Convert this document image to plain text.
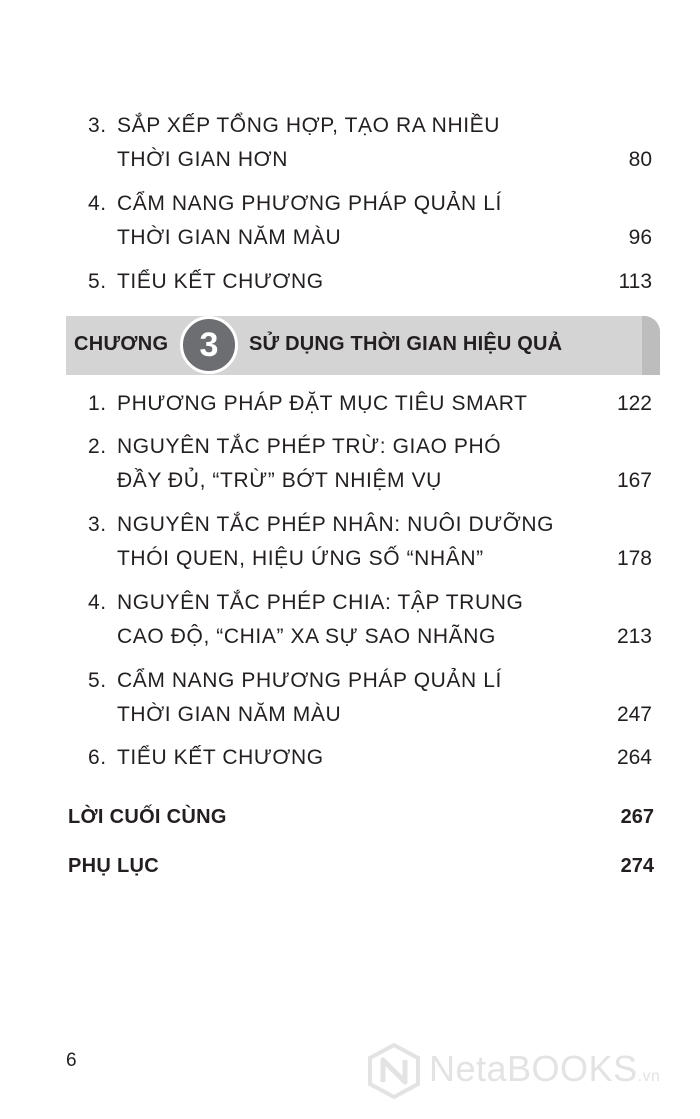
3. SẮP XẾP TỔNG HỢP, TẠO RA NHIỀU
THỜI GIAN HƠN	80
4. CẨM NANG PHƯƠNG PHÁP QUẢN LÍ
THỜI GIAN NĂM MÀU	96
5. TIỂU KẾT CHƯƠNG	113
CHƯƠNG 3	SỬ DỤNG THỜI GIAN HIỆU QUẢ
1. PHƯƠNG PHÁP ĐẶT MỤC TIÊU SMART	122
2. NGUYÊN TẮC PHÉP TRỪ: GIAO PHÓ
ĐẦY ĐỦ, “TRỪ” BỚT NHIỆM VỤ	167
3. NGUYÊN TẮC PHÉP NHÂN: NUÔI DƯỠNG
THÓI QUEN, HIỆU ỨNG SỐ “NHÂN”	178
4. NGUYÊN TẮC PHÉP CHIA: TẬP TRUNG
CAO ĐỘ, “CHIA” XA SỰ SAO NHÃNG	213
5. CẨM NANG PHƯƠNG PHÁP QUẢN LÍ
THỜI GIAN NĂM MÀU	247
6. TIỂU KẾT CHƯƠNG	264
LỜI CUỐI CÙNG	267
PHỤ LỤC	274
6	NetaBOOKS.vn
